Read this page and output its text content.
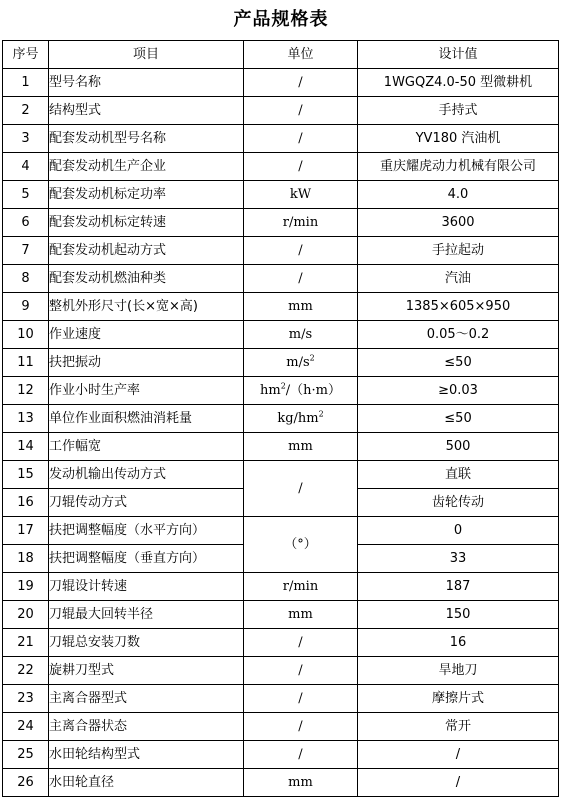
产品规格表
序号	项目	单位	设计值
1	型号名称	/	1WGQZ4.0-50 型微耕机
2	结构型式	/	手持式
3	配套发动机型号名称	/	YV180 汽油机
4	配套发动机生产企业	/	重庆耀虎动力机械有限公司
5	配套发动机标定功率	kW	4.0
6	配套发动机标定转速	r/min	3600
7	配套发动机起动方式	/	手拉起动
8	配套发动机燃油种类	/	汽油
9	整机外形尺寸(长×宽×高)	mm	1385×605×950
10	作业速度	m/s	0.05～0.2
11	扶把振动	$m/s^2$	≤50
12	作业小时生产率	$hm^2/(h\cdot m)$	≥0.03
13	单位作业面积燃油消耗量	$kg/hm^2$	≤50
14	工作幅宽	mm	500
15	发动机输出传动方式	/	直联
16	刀辊传动方式		齿轮传动
17	扶把调整幅度（水平方向）	（°）	0
18	扶把调整幅度（垂直方向）		33
19	刀辊设计转速	r/min	187
20	刀辊最大回转半径	mm	150
21	刀辊总安装刀数	/	16
22	旋耕刀型式	/	旱地刀
23	主离合器型式	/	摩擦片式
24	主离合器状态	/	常开
25	水田轮结构型式	/	/
26	水田轮直径	mm	/
